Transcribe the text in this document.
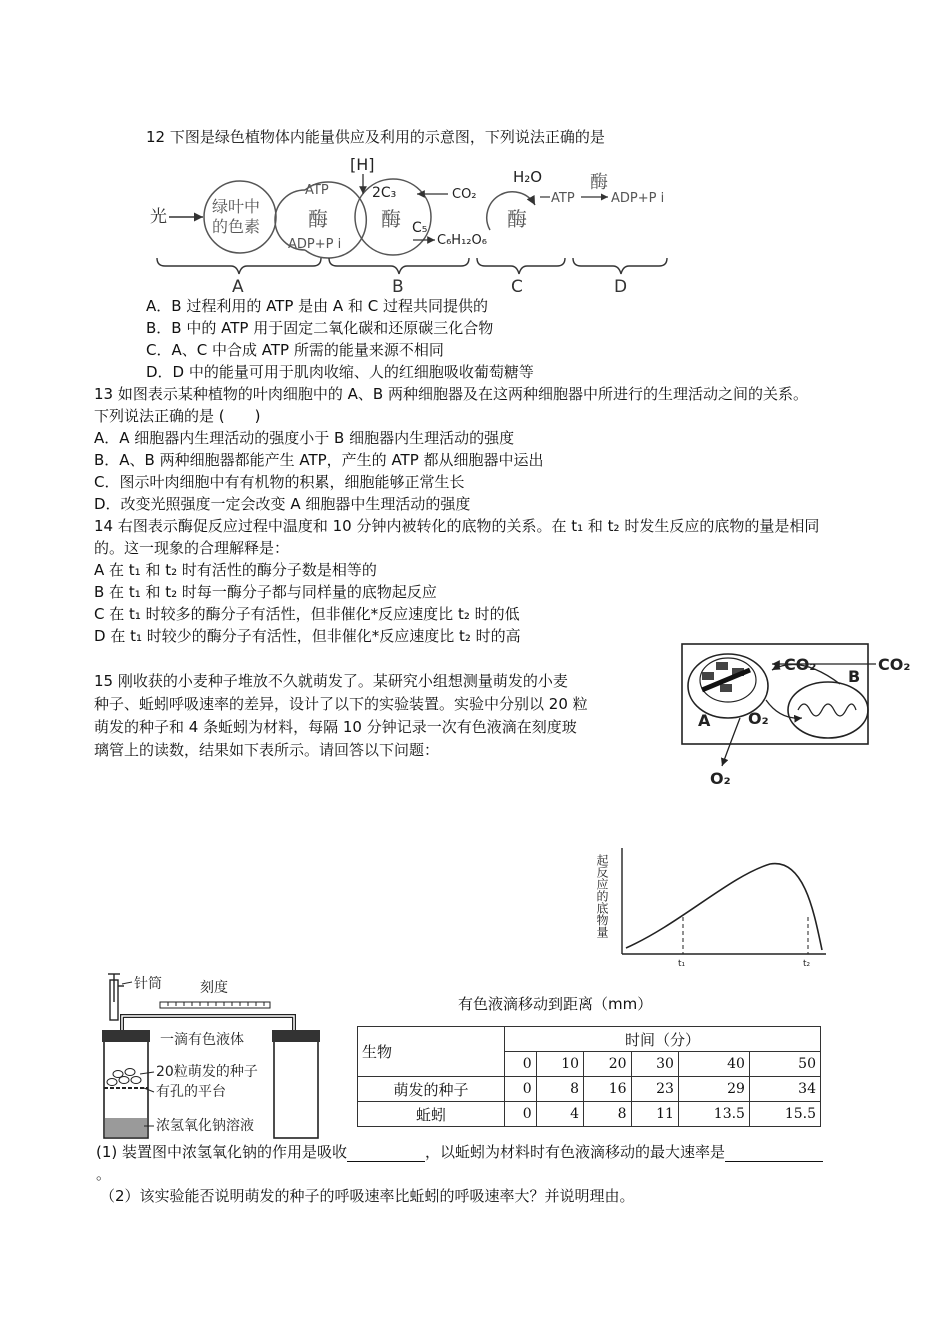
12 下图是绿色植物体内能量供应及利用的示意图，下列说法正确的是
光
绿叶中
的色素
ATP
酶
ADP+P i
[H]
2C₃
酶 C₅
CO₂
C₆H₁₂O₆
H₂O
酶
ATP
酶
ADP+P i
A	B	C	D
A．B 过程利用的 ATP 是由 A 和 C 过程共同提供的
B．B 中的 ATP 用于固定二氧化碳和还原碳三化合物
C．A、C 中合成 ATP 所需的能量来源不相同
D．D 中的能量可用于肌肉收缩、人的红细胞吸收葡萄糖等
13 如图表示某种植物的叶肉细胞中的 A、B 两种细胞器及在这两种细胞器中所进行的生理活动之间的关系。
下列说法正确的是 (　　)
A．A 细胞器内生理活动的强度小于 B 细胞器内生理活动的强度
B．A、B 两种细胞器都能产生 ATP，产生的 ATP 都从细胞器中运出
C．图示叶肉细胞中有有机物的积累，细胞能够正常生长
D．改变光照强度一定会改变 A 细胞器中生理活动的强度
14 右图表示酶促反应过程中温度和 10 分钟内被转化的底物的关系。在 t₁ 和 t₂ 时发生反应的底物的量是相同
的。这一现象的合理解释是：
A 在 t₁ 和 t₂ 时有活性的酶分子数是相等的
B 在 t₁ 和 t₂ 时每一酶分子都与同样量的底物起反应
C 在 t₁ 时较多的酶分子有活性，但非催化*反应速度比 t₂ 时的低
D 在 t₁ 时较少的酶分子有活性，但非催化*反应速度比 t₂ 时的高
CO₂	CO₂
O₂
O₂
A
B
15 刚收获的小麦种子堆放不久就萌发了。某研究小组想测量萌发的小麦
种子、蚯蚓呼吸速率的差异，设计了以下的实验装置。实验中分别以 20 粒
萌发的种子和 4 条蚯蚓为材料，每隔 10 分钟记录一次有色液滴在刻度玻
璃管上的读数，结果如下表所示。请回答以下问题：
起反应的底物量
t₁	t₂
针筒	刻度
一滴有色液体
20粒萌发的种子
有孔的平台
浓氢氧化钠溶液
有色液滴移动到距离（mm）
生物	时间（分）					
	0	10	20	30	40	50
萌发的种子	0	8	16	23	29	34
蚯蚓	0	4	8	11	13.5	15.5
(1) 装置图中浓氢氧化钠的作用是吸收	，以蚯蚓为材料时有色液滴移动的最大速率是
。
（2）该实验能否说明萌发的种子的呼吸速率比蚯蚓的呼吸速率大？并说明理由。
